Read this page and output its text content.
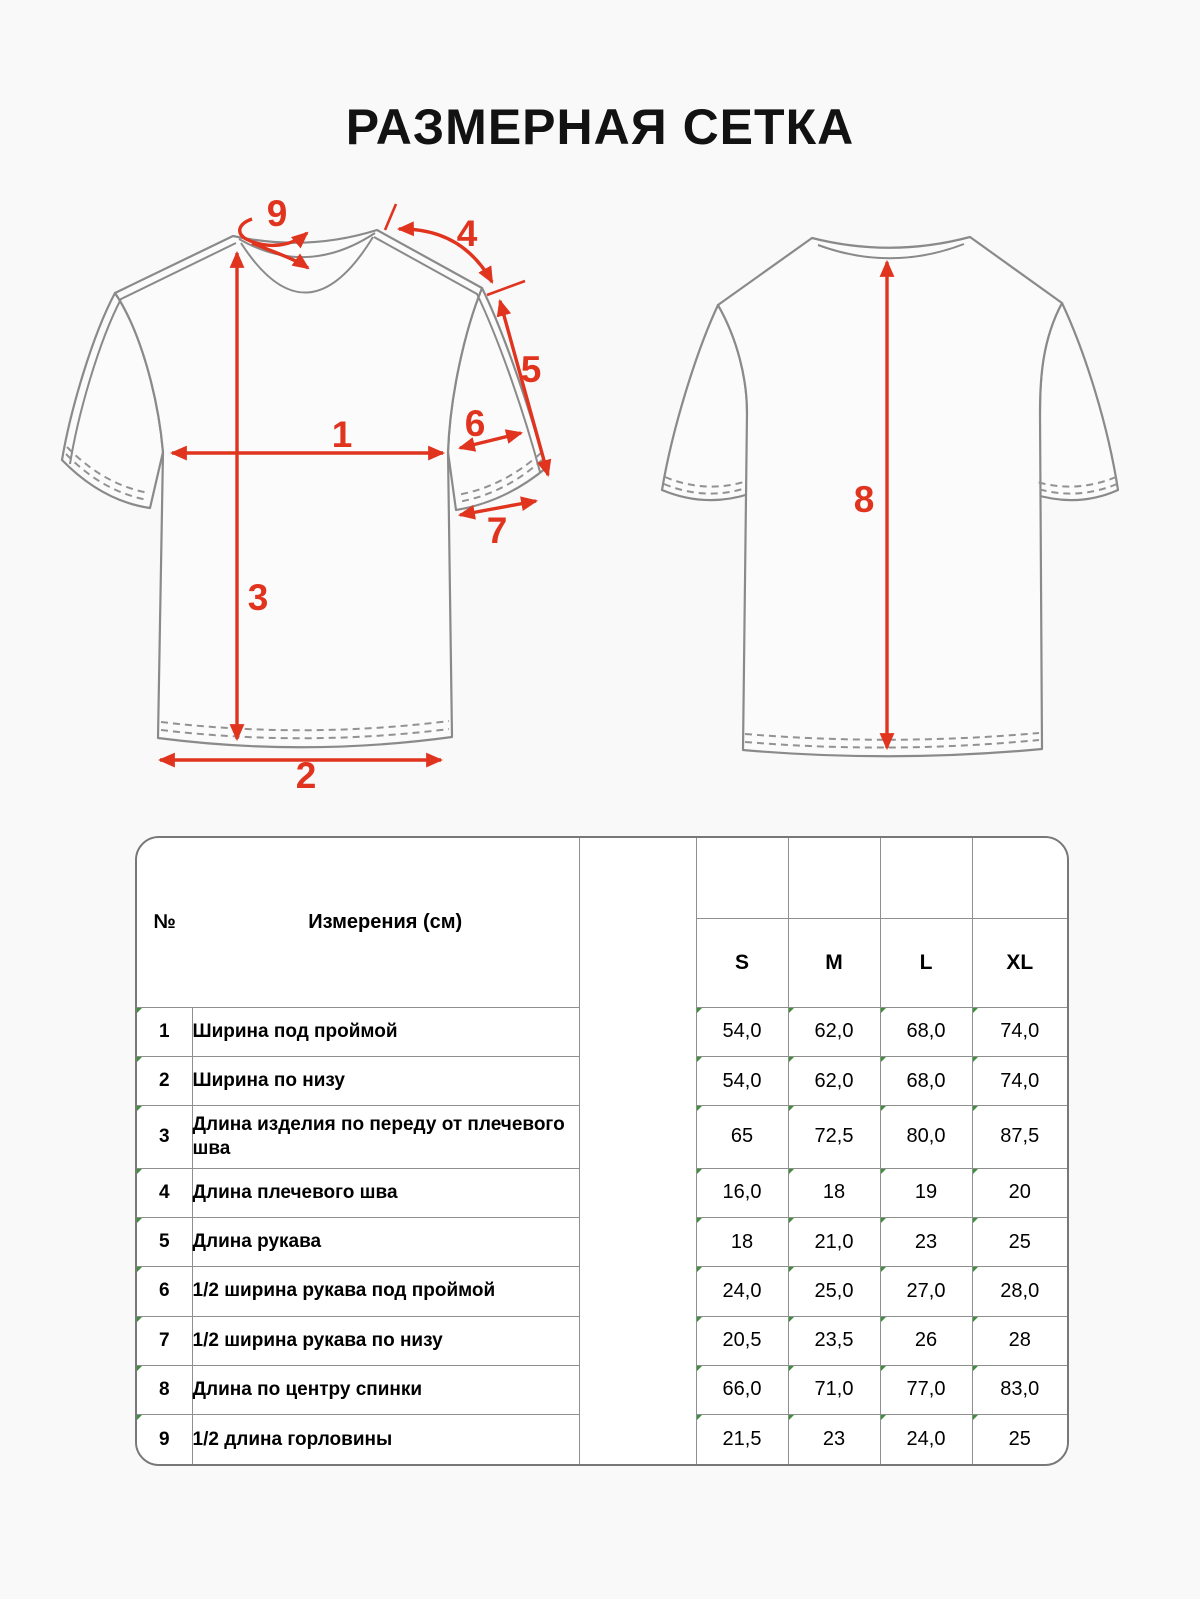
РАЗМЕРНАЯ СЕТКА
1
2
3
4
5
6
7
9
8
№	Измерения (см)					
			S	M	L	XL
1	Ширина под проймой		54,0	62,0	68,0	74,0
2	Ширина по низу		54,0	62,0	68,0	74,0
3	Длина изделия по переду от плечевого шва		65	72,5	80,0	87,5
4	Длина плечевого шва		16,0	18	19	20
5	Длина рукава		18	21,0	23	25
6	1/2 ширина рукава под проймой		24,0	25,0	27,0	28,0
7	1/2 ширина рукава по низу		20,5	23,5	26	28
8	Длина по центру спинки		66,0	71,0	77,0	83,0
9	1/2 длина горловины		21,5	23	24,0	25
